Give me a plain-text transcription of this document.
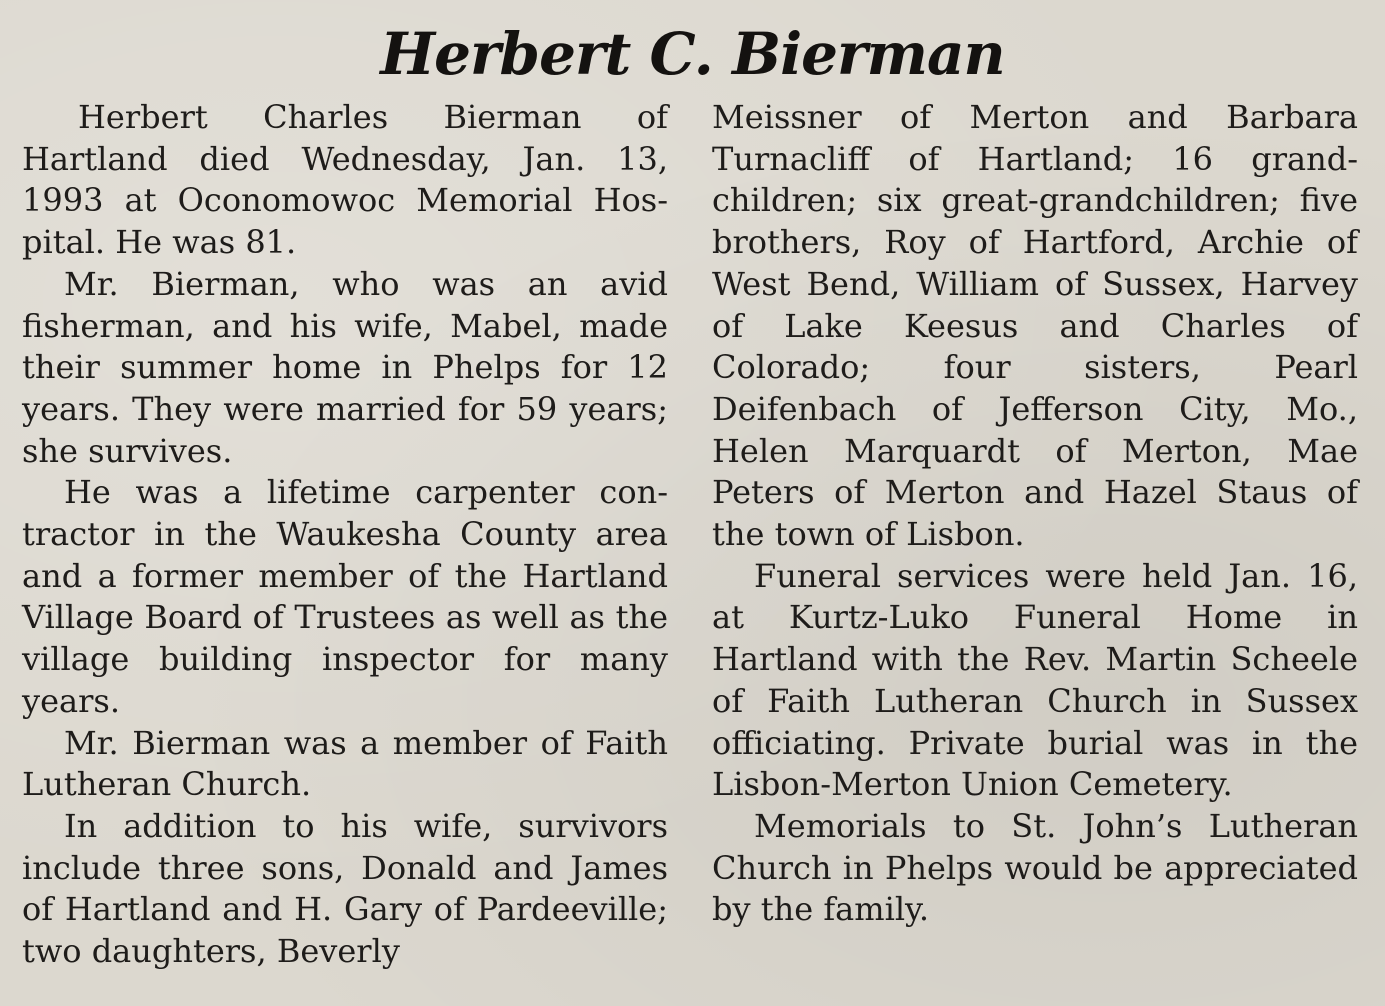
Herbert C. Bierman

Herbert Charles Bierman of Hartland died Wednesday, Jan. 13, 1993 at Oconomowoc Memorial Hospital. He was 81.

Mr. Bierman, who was an avid fisherman, and his wife, Mabel, made their summer home in Phelps for 12 years. They were married for 59 years; she survives.

He was a lifetime carpenter contractor in the Waukesha County area and a former member of the Hartland Village Board of Trustees as well as the village building inspector for many years.

Mr. Bierman was a member of Faith Lutheran Church.

In addition to his wife, survivors include three sons, Donald and James of Hartland and H. Gary of Pardeeville; two daughters, Beverly

Meissner of Merton and Barbara Turnacliff of Hartland; 16 grandchildren; six great-grandchildren; five brothers, Roy of Hartford, Archie of West Bend, William of Sussex, Harvey of Lake Keesus and Charles of Colorado; four sisters, Pearl Deifenbach of Jefferson City, Mo., Helen Marquardt of Merton, Mae Peters of Merton and Hazel Staus of the town of Lisbon.

Funeral services were held Jan. 16, at Kurtz-Luko Funeral Home in Hartland with the Rev. Martin Scheele of Faith Lutheran Church in Sussex officiating. Private burial was in the Lisbon-Merton Union Cemetery.

Memorials to St. John’s Lutheran Church in Phelps would be appreciated by the family.
